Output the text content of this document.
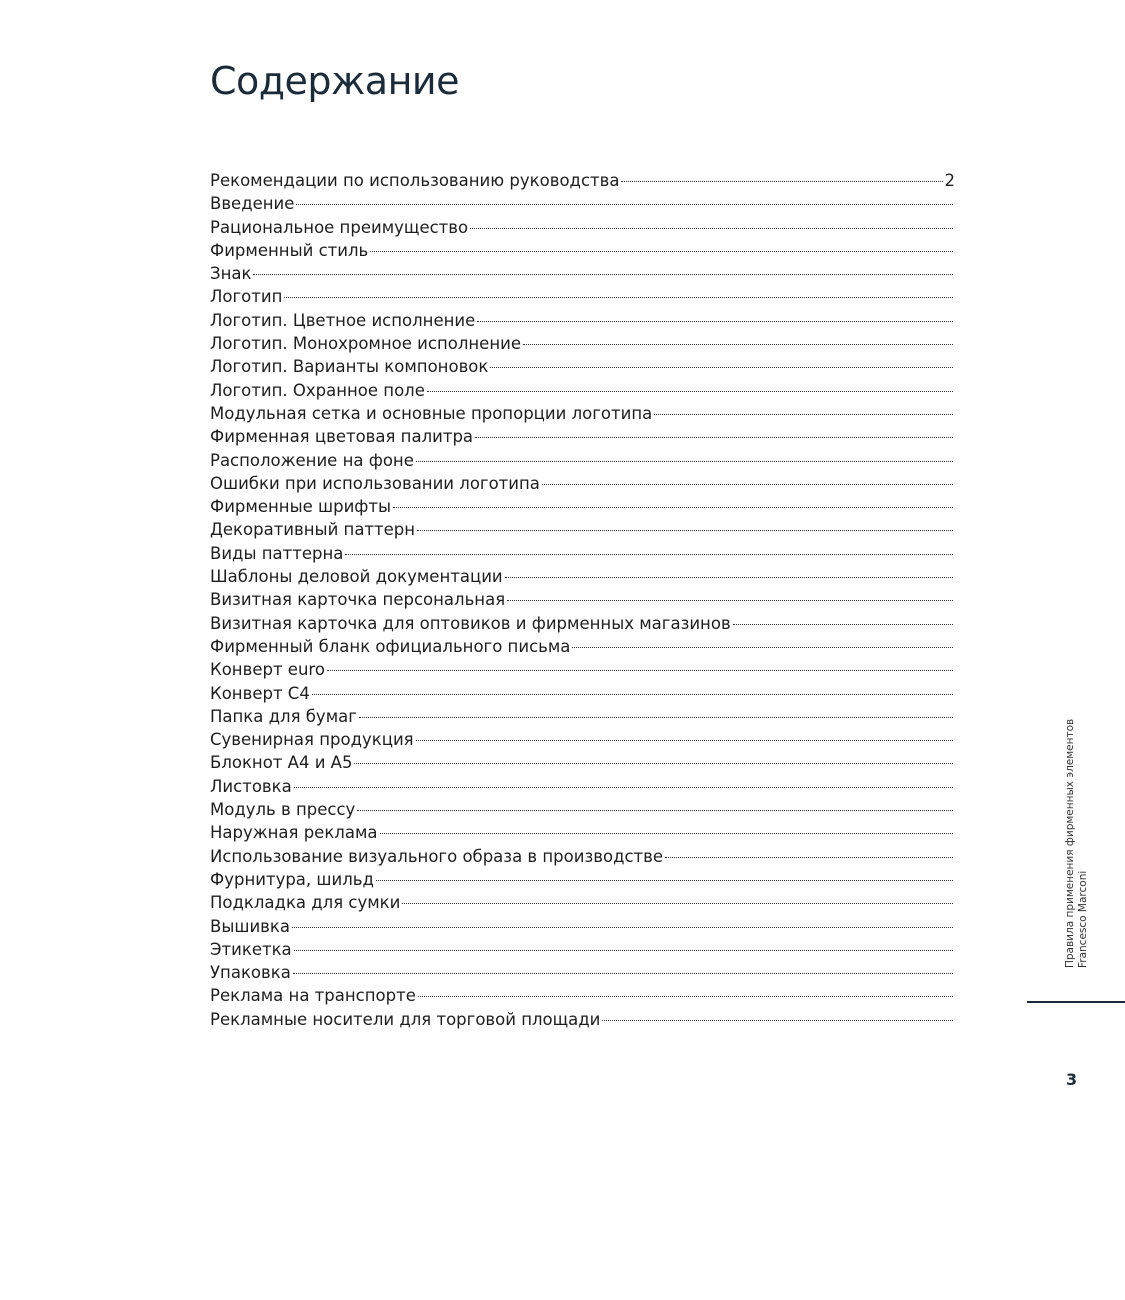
Содержание
Рекомендации по использованию руководства	2
Введение
Рациональное преимущество
Фирменный стиль
Знак
Логотип
Логотип. Цветное исполнение
Логотип. Монохромное исполнение
Логотип. Варианты компоновок
Логотип. Охранное поле
Модульная сетка и основные пропорции логотипа
Фирменная цветовая палитра
Расположение на фоне
Ошибки при использовании логотипа
Фирменные шрифты
Декоративный паттерн
Виды паттерна
Шаблоны деловой документации
Визитная карточка персональная
Визитная карточка для оптовиков и фирменных магазинов
Фирменный бланк официального письма
Конверт euro
Конверт С4
Папка для бумаг
Сувенирная продукция
Блокнот А4 и А5
Листовка
Модуль в прессу
Наружная реклама
Использование визуального образа в производстве
Фурнитура, шильд
Подкладка для сумки
Вышивка
Этикетка
Упаковка
Реклама на транспорте
Рекламные носители для торговой площади
Правила применения фирменных элементов Francesco Marconi
3
